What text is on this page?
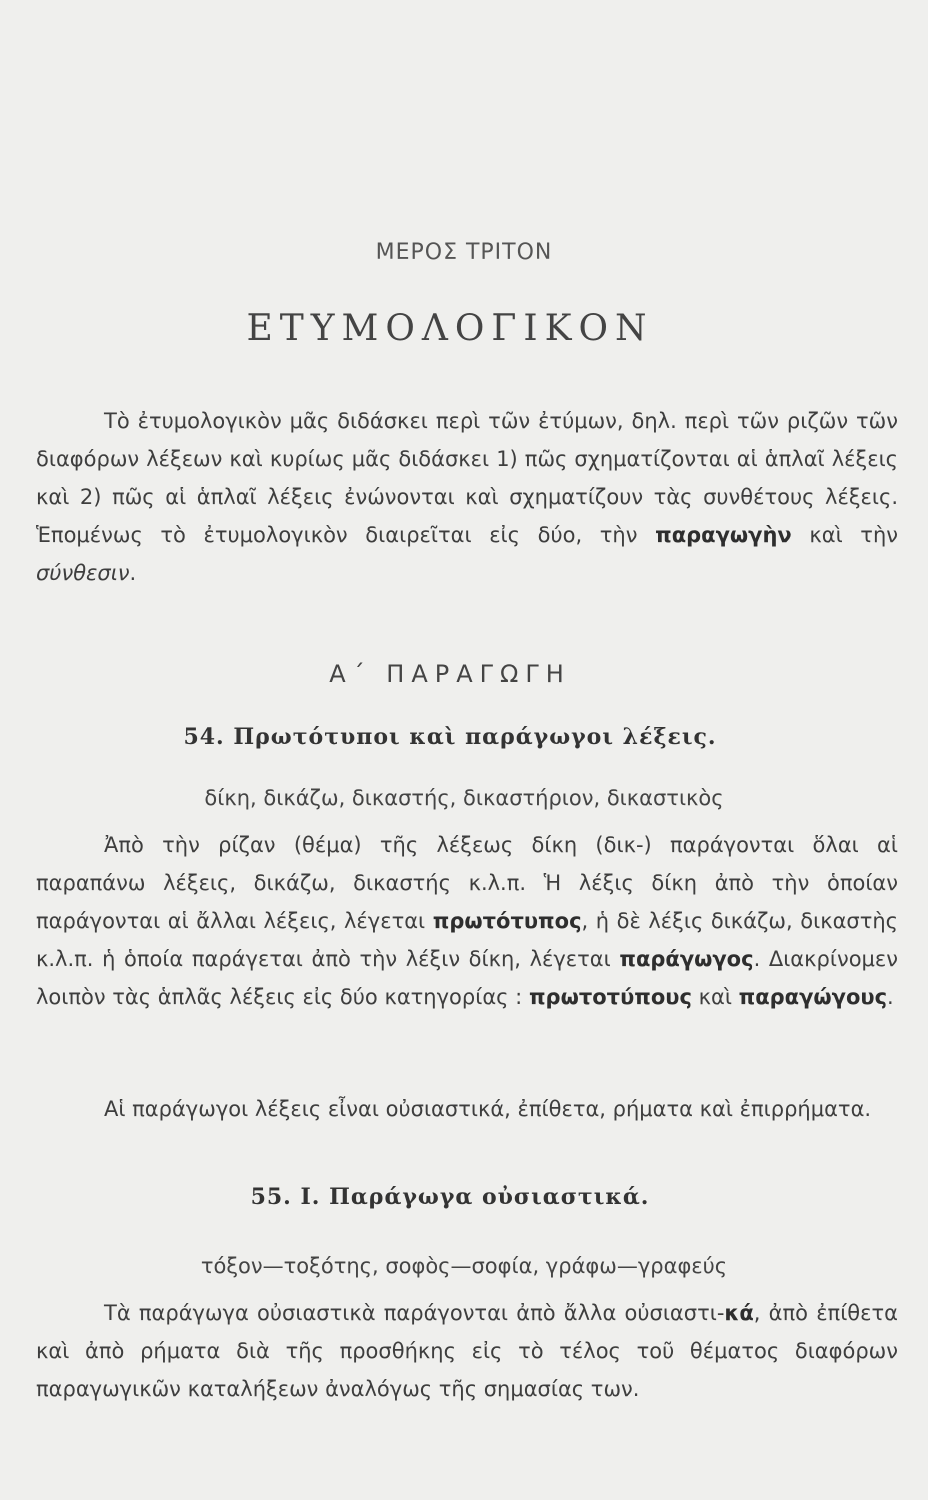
ΜΕΡΟΣ ΤΡΙΤΟΝ
ΕΤΥΜΟΛΟΓΙΚΟΝ
Τὸ ἐτυμολογικὸν μᾶς διδάσκει περὶ τῶν ἐτύμων, δηλ. περὶ τῶν ριζῶν τῶν διαφόρων λέξεων καὶ κυρίως μᾶς διδάσκει 1) πῶς σχηματίζονται αἱ ἁπλαῖ λέξεις καὶ 2) πῶς αἱ ἁπλαῖ λέξεις ἐνώνονται καὶ σχηματίζουν τὰς συνθέτους λέξεις. Ἑπομένως τὸ ἐτυμολογικὸν διαιρεῖται εἰς δύο, τὴν παραγωγὴν καὶ τὴν σύνθεσιν.
Α΄ ΠΑΡΑΓΩΓΗ
54. Πρωτότυποι καὶ παράγωγοι λέξεις.
δίκη, δικάζω, δικαστής, δικαστήριον, δικαστικὸς
Ἀπὸ τὴν ρίζαν (θέμα) τῆς λέξεως δίκη (δικ-) παράγονται ὅλαι αἱ παραπάνω λέξεις, δικάζω, δικαστής κ.λ.π. Ἡ λέξις δίκη ἀπὸ τὴν ὁποίαν παράγονται αἱ ἄλλαι λέξεις, λέγεται πρωτότυπος, ἡ δὲ λέξις δικάζω, δικαστὴς κ.λ.π. ἡ ὁποία παράγεται ἀπὸ τὴν λέξιν δίκη, λέγεται παράγωγος. Διακρίνομεν λοιπὸν τὰς ἁπλᾶς λέξεις εἰς δύο κατηγορίας : πρωτοτύπους καὶ παραγώγους.
Αἱ παράγωγοι λέξεις εἶναι οὐσιαστικά, ἐπίθετα, ρήματα καὶ ἐπιρρήματα.
55. Ι. Παράγωγα οὐσιαστικά.
τόξον—τοξότης, σοφὸς—σοφία, γράφω—γραφεύς
Τὰ παράγωγα οὐσιαστικὰ παράγονται ἀπὸ ἄλλα οὐσιαστι-κά, ἀπὸ ἐπίθετα καὶ ἀπὸ ρήματα διὰ τῆς προσθήκης εἰς τὸ τέλος τοῦ θέματος διαφόρων παραγωγικῶν καταλήξεων ἀναλόγως τῆς σημασίας των.
